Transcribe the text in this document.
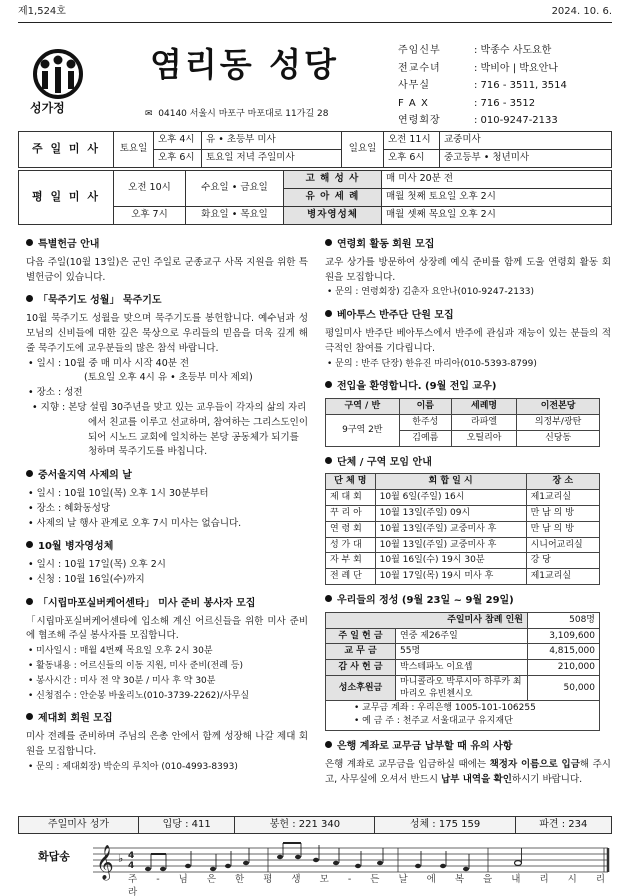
제1,524호	2024. 10. 6.
성가정
염리동 성당
✉ 04140 서울시 마포구 마포대로 11가길 28
주임신부	: 박종수 사도요한
전교수녀	: 박비아 | 박요안나
사무실	: 716 - 3511, 3514
F A X	: 716 - 3512
연령회장	: 010-9247-2133
주 일 미 사	토요일	오후 4시	유 • 초등부 미사	일요일	오전 11시	교중미사
		오후 6시	토요일 저녁 주일미사		오후 6시	중고등부 • 청년미사
평 일 미 사	오전 10시	수요일 • 금요일	고 해 성 사	매 미사 20분 전
			유 아 세 례	매월 첫째 토요일 오후 2시
	오후 7시	화요일 • 목요일	병자영성체	매월 셋째 목요일 오후 2시
특별헌금 안내
다음 주일(10월 13일)은 군인 주일로 군종교구 사목 지원을 위한 특별헌금이 있습니다.
「묵주기도 성월」 묵주기도
10월 묵주기도 성월을 맞으며 묵주기도를 봉헌합니다. 예수님과 성모님의 신비들에 대한 깊은 묵상으로 우리들의 믿음을 더욱 깊게 해줄 묵주기도에 교우분들의 많은 참석 바랍니다.
• 일시 : 10월 중 매 미사 시작 40분 전
(토요일 오후 4시 유 • 초등부 미사 제외)
• 장소 : 성전
• 지향 : 본당 설립 30주년을 맞고 있는 교우들이 각자의 삶의 자리에서 친교를 이루고 선교하며, 참여하는 그리스도인이 되어 시노드 교회에 일치하는 본당 공동체가 되기를 청하며 묵주기도를 바칩니다.
중서울지역 사제의 날
• 일시 : 10월 10일(목) 오후 1시 30분부터
• 장소 : 혜화동성당
• 사제의 날 행사 관계로 오후 7시 미사는 없습니다.
10월 병자영성체
• 일시 : 10월 17일(목) 오후 2시
• 신청 : 10월 16일(수)까지
「시립마포실버케어센타」 미사 준비 봉사자 모집
「시립마포실버케어센타에 입소해 계신 어르신들을 위한 미사 준비에 협조해 주실 봉사자를 모집합니다.
• 미사일시 : 매월 4번째 목요일 오후 2시 30분
• 활동내용 : 어르신들의 이동 지원, 미사 준비(전례 등)
• 봉사시간 : 미사 전 약 30분 / 미사 후 약 30분
• 신청접수 : 안순봉 바울리노(010-3739-2262)/사무실
제대회 회원 모집
미사 전례를 준비하며 주님의 은총 안에서 함께 성장해 나갈 제대 회원을 모집합니다.
• 문의 : 제대회장) 박순의 루치아 (010-4993-8393)
연령회 활동 회원 모집
교우 상가를 방문하여 상장례 예식 준비를 함께 도울 연령회 활동 회원을 모집합니다.
• 문의 : 연령회장) 김춘자 요안나(010-9247-2133)
베아투스 반주단 단원 모집
평일미사 반주단 베아투스에서 반주에 관심과 재능이 있는 분들의 적극적인 참여를 기다립니다.
• 문의 : 반주 단장) 한유진 마리아(010-5393-8799)
전입을 환영합니다. (9월 전입 교우)
구역 / 반	이름	세례명	이전본당
9구역 2반	한주성	라파엘	의정부/광탄
	김예름	오틸리아	신당동
단체 / 구역 모임 안내
단 체 명	회 합 일 시	장 소
제 대 회	10월 6일(주일) 16시	제1교리실
꾸 리 아	10월 13일(주일) 09시	만 남 의 방
연 령 회	10월 13일(주일) 교중미사 후	만 남 의 방
성 가 대	10월 13일(주일) 교중미사 후	시니어교리실
자 부 회	10월 16일(수) 19시 30분	강 당
전 례 단	10월 17일(목) 19시 미사 후	제1교리실
우리들의 정성 (9월 23일 ~ 9월 29일)
주일미사 참례 인원		508명
주 일 헌 금	연중 제26주일	3,109,600
교 무 금	55명	4,815,000
감 사 헌 금	박스테파노 이요셉	210,000
성소후원금	마니콜라오 박루시아 하루카 최마리오 유빈첸시오	50,000

• 교무금 계좌 : 우리은행 1005-101-106255
• 예 금 주 : 천주교 서울대교구 유지재단		
은행 계좌로 교무금 납부할 때 유의 사항
은행 계좌로 교무금을 입금하실 때에는 책정자 이름으로 입금해 주시고, 사무실에 오셔서 반드시 납부 내역을 확인하시기 바랍니다.
주일미사 성가	입당 : 411	봉헌 : 221 340	성체 : 175 159	파견 : 234
𝄞 ♭ 4
4
화답송
주 - 님 은 한 평 생 모 - 든 날 에 복 을 내 리 시 리 라
